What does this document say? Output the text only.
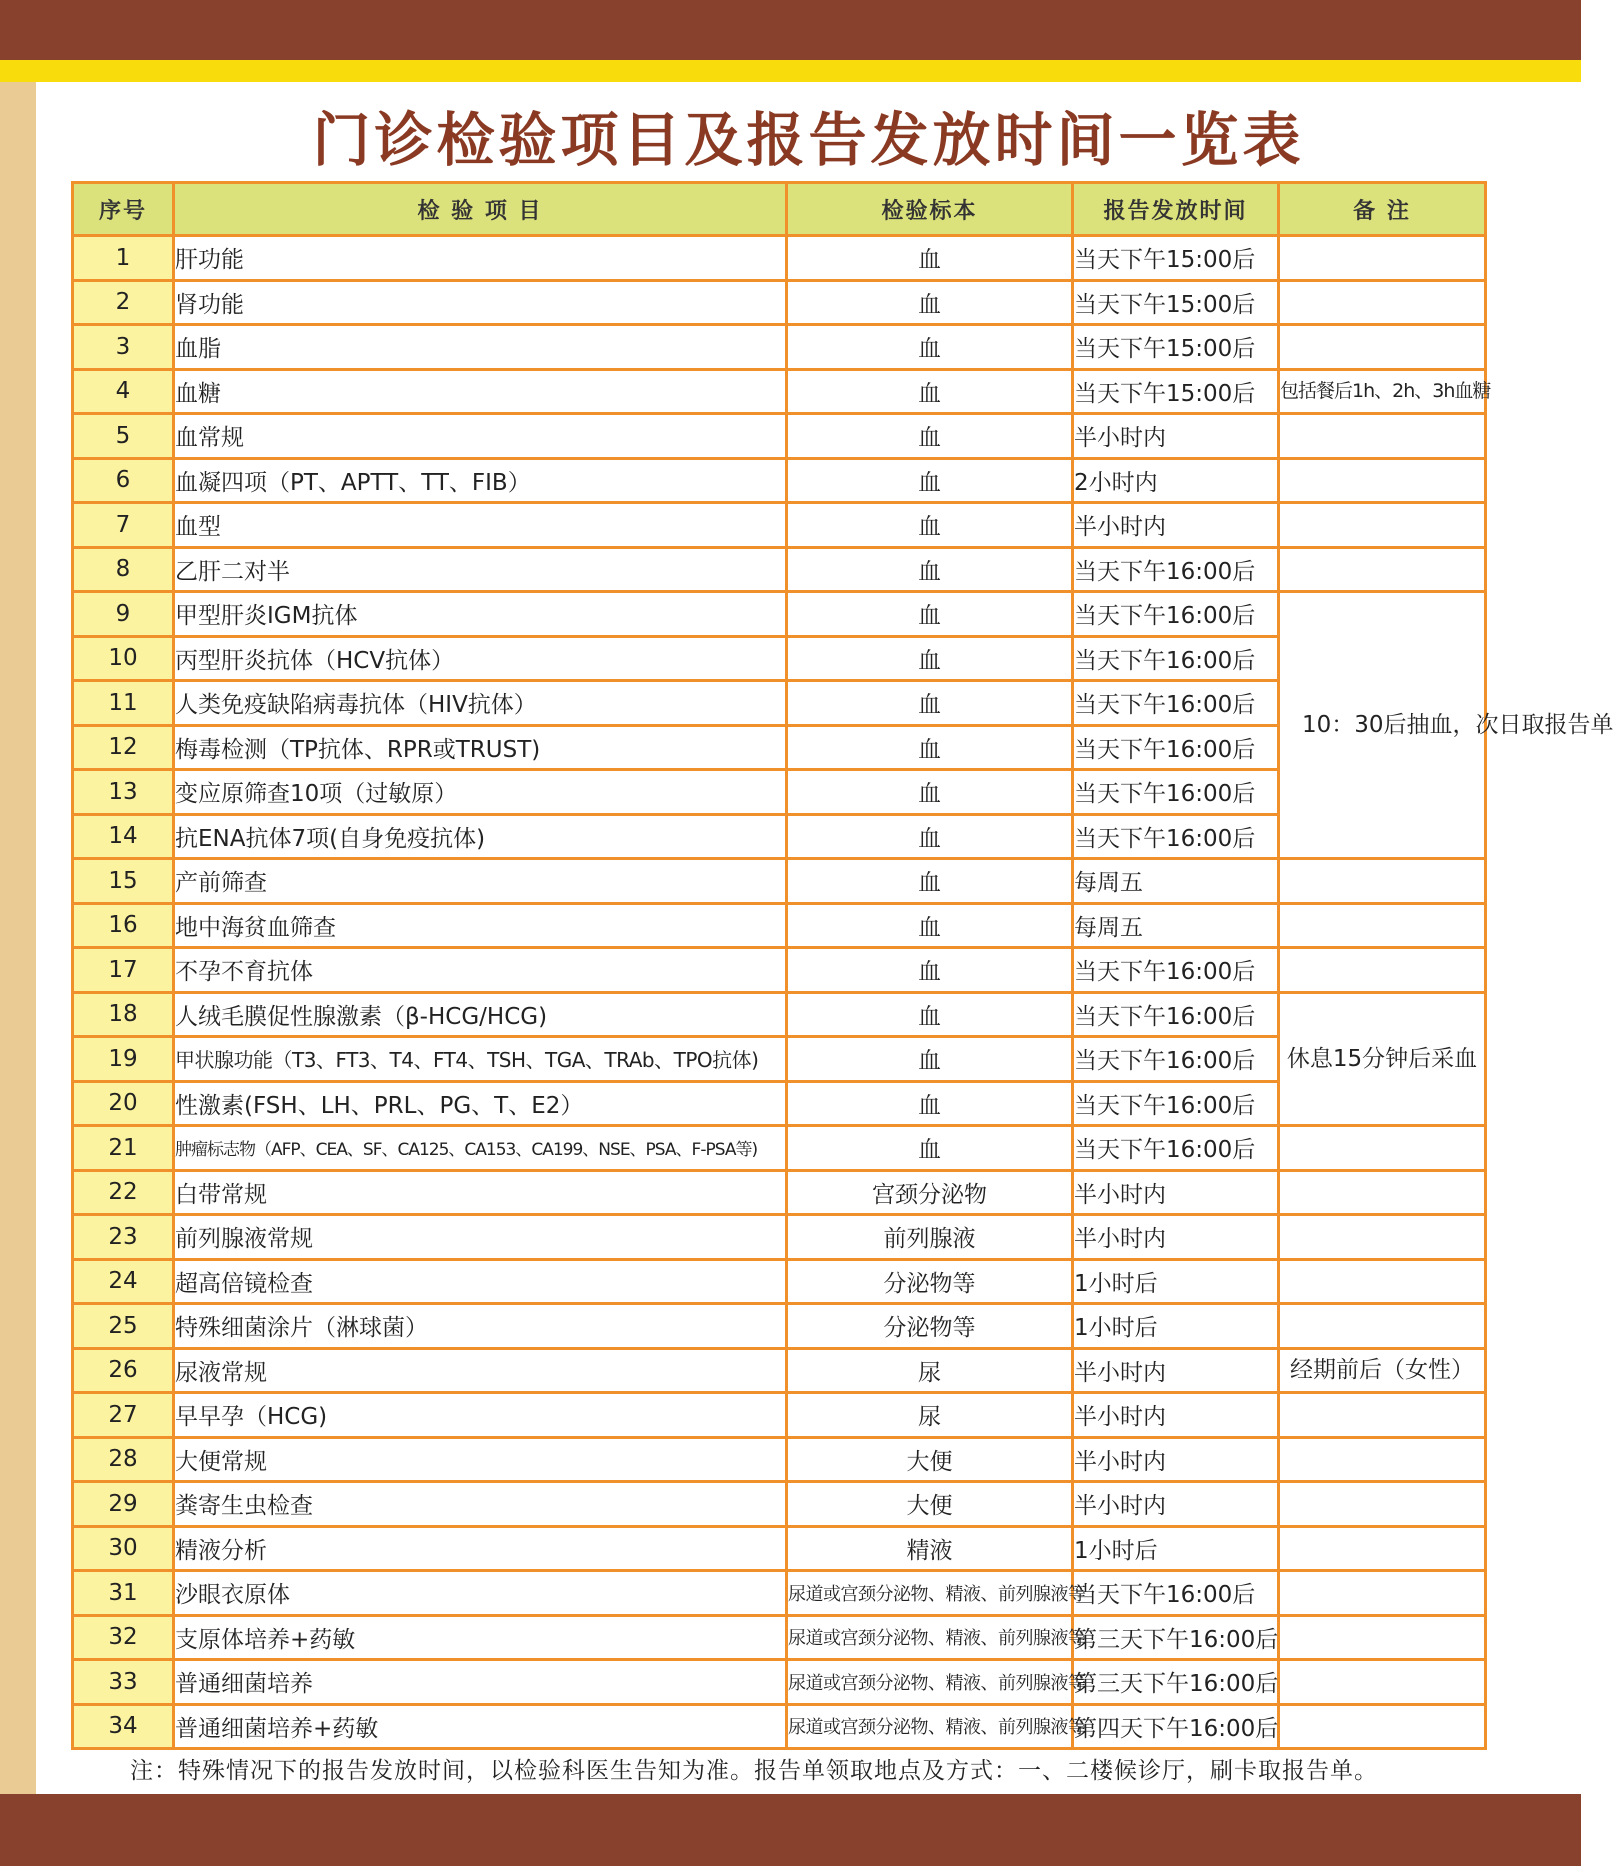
门诊检验项目及报告发放时间一览表
序号	检 验 项 目	检验标本	报告发放时间	备 注
1	肝功能	血	当天下午15:00后	
2	肾功能	血	当天下午15:00后	
3	血脂	血	当天下午15:00后	
4	血糖	血	当天下午15:00后	包括餐后1h、2h、3h血糖
5	血常规	血	半小时内	
6	血凝四项（PT、APTT、TT、FIB）	血	2小时内	
7	血型	血	半小时内	
8	乙肝二对半	血	当天下午16:00后	
9	甲型肝炎IGM抗体	血	当天下午16:00后	10：30后抽血，次日取报告单
10	丙型肝炎抗体（HCV抗体）	血	当天下午16:00后	
11	人类免疫缺陷病毒抗体（HIV抗体）	血	当天下午16:00后	
12	梅毒检测（TP抗体、RPR或TRUST)	血	当天下午16:00后	
13	变应原筛查10项（过敏原）	血	当天下午16:00后	
14	抗ENA抗体7项(自身免疫抗体)	血	当天下午16:00后	
15	产前筛查	血	每周五	
16	地中海贫血筛查	血	每周五	
17	不孕不育抗体	血	当天下午16:00后	
18	人绒毛膜促性腺激素（β-HCG/HCG)	血	当天下午16:00后	休息15分钟后采血
19	甲状腺功能（T3、FT3、T4、FT4、TSH、TGA、TRAb、TPO抗体)	血	当天下午16:00后	
20	性激素(FSH、LH、PRL、PG、T、E2）	血	当天下午16:00后	
21	肿瘤标志物（AFP、CEA、SF、CA125、CA153、CA199、NSE、PSA、F-PSA等)	血	当天下午16:00后	
22	白带常规	宫颈分泌物	半小时内	
23	前列腺液常规	前列腺液	半小时内	
24	超高倍镜检查	分泌物等	1小时后	
25	特殊细菌涂片（淋球菌）	分泌物等	1小时后	
26	尿液常规	尿	半小时内	经期前后（女性）
27	早早孕（HCG)	尿	半小时内	
28	大便常规	大便	半小时内	
29	粪寄生虫检查	大便	半小时内	
30	精液分析	精液	1小时后	
31	沙眼衣原体	尿道或宫颈分泌物、精液、前列腺液等	当天下午16:00后	
32	支原体培养+药敏	尿道或宫颈分泌物、精液、前列腺液等	第三天下午16:00后	
33	普通细菌培养	尿道或宫颈分泌物、精液、前列腺液等	第三天下午16:00后	
34	普通细菌培养+药敏	尿道或宫颈分泌物、精液、前列腺液等	第四天下午16:00后	
注：特殊情况下的报告发放时间，以检验科医生告知为准。报告单领取地点及方式：一、二楼候诊厅，刷卡取报告单。
